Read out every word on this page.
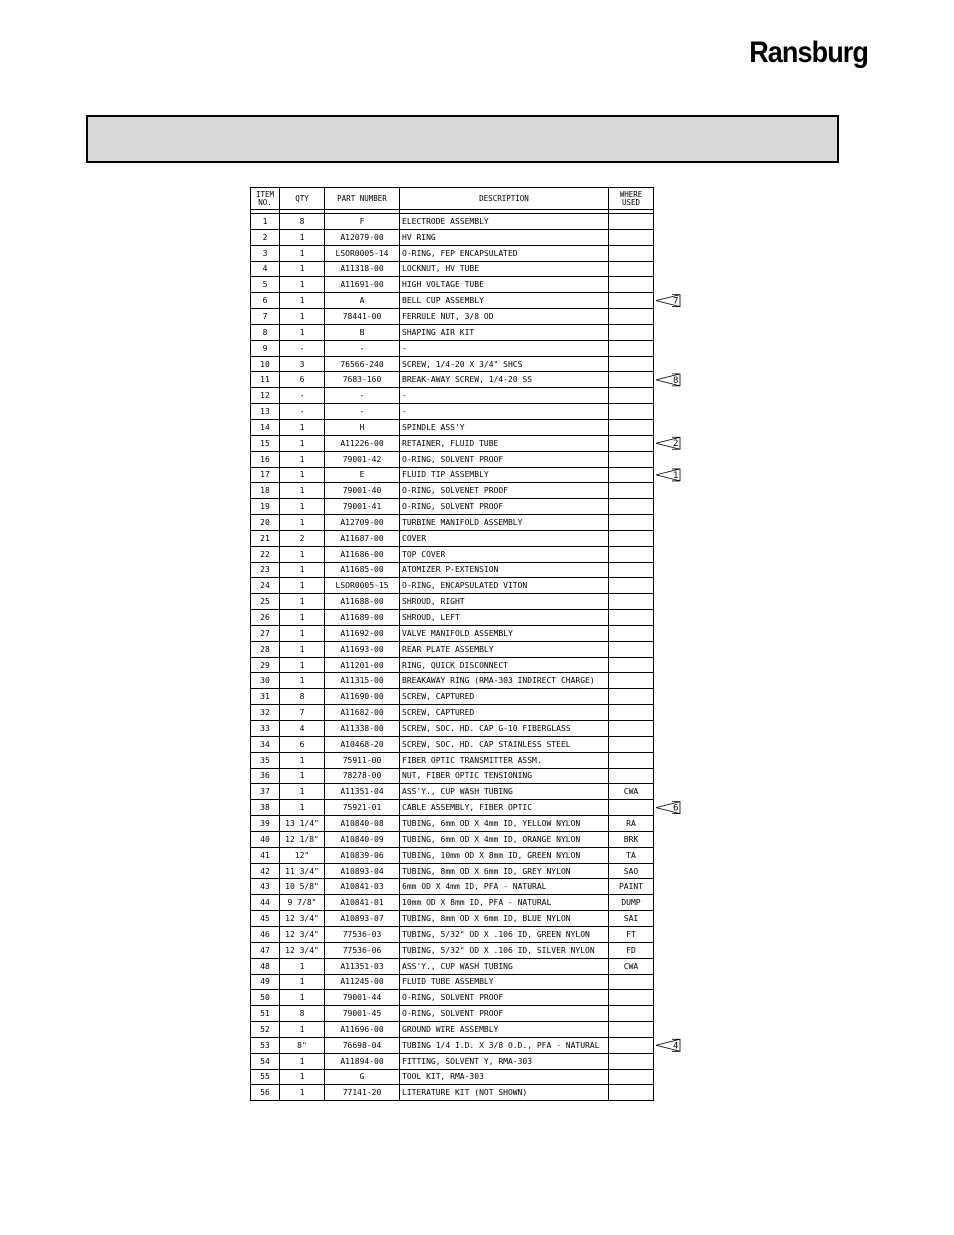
Ransburg
ITEM NO.	QTY	PART NUMBER	DESCRIPTION	WHERE USED

1	8	F	ELECTRODE ASSEMBLY	
2	1	A12079-00	HV RING	
3	1	LSOR0005-14	O-RING, FEP ENCAPSULATED	
4	1	A11318-00	LOCKNUT, HV TUBE	
5	1	A11691-00	HIGH VOLTAGE TUBE	
6	1	A	BELL CUP ASSEMBLY	
7	1	78441-00	FERRULE NUT, 3/8 OD	
8	1	B	SHAPING AIR KIT	
9	-	-	-	
10	3	76566-240	SCREW, 1/4-20 X 3/4" SHCS	
11	6	7683-160	BREAK-AWAY SCREW, 1/4-20 SS	
12	-	-	-	
13	-	-	-	
14	1	H	SPINDLE ASS'Y	
15	1	A11226-00	RETAINER, FLUID TUBE	
16	1	79001-42	O-RING, SOLVENT PROOF	
17	1	E	FLUID TIP ASSEMBLY	
18	1	79001-40	O-RING, SOLVENET PROOF	
19	1	79001-41	O-RING, SOLVENT PROOF	
20	1	A12709-00	TURBINE MANIFOLD ASSEMBLY	
21	2	A11687-00	COVER	
22	1	A11686-00	TOP COVER	
23	1	A11685-00	ATOMIZER P-EXTENSION	
24	1	LSOR0005-15	O-RING, ENCAPSULATED VITON	
25	1	A11688-00	SHROUD, RIGHT	
26	1	A11689-00	SHROUD, LEFT	
27	1	A11692-00	VALVE MANIFOLD ASSEMBLY	
28	1	A11693-00	REAR PLATE ASSEMBLY	
29	1	A11201-00	RING, QUICK DISCONNECT	
30	1	A11315-00	BREAKAWAY RING (RMA-303 INDIRECT CHARGE)	
31	8	A11690-00	SCREW, CAPTURED	
32	7	A11682-00	SCREW, CAPTURED	
33	4	A11338-00	SCREW, SOC. HD. CAP G-10 FIBERGLASS	
34	6	A10468-20	SCREW, SOC. HD. CAP STAINLESS STEEL	
35	1	75911-00	FIBER OPTIC TRANSMITTER ASSM.	
36	1	78278-00	NUT, FIBER OPTIC TENSIONING	
37	1	A11351-04	ASS'Y., CUP WASH TUBING	CWA
38	1	75921-01	CABLE ASSEMBLY, FIBER OPTIC	
39	13 1/4"	A10840-08	TUBING, 6mm OD X 4mm ID, YELLOW NYLON	RA
40	12 1/8"	A10840-09	TUBING, 6mm OD X 4mm ID, ORANGE NYLON	BRK
41	12"	A10839-06	TUBING, 10mm OD X 8mm ID, GREEN NYLON	TA
42	11 3/4"	A10893-04	TUBING, 8mm OD X 6mm ID, GREY NYLON	SAO
43	10 5/8"	A10841-03	6mm OD X 4mm ID, PFA - NATURAL	PAINT
44	9 7/8"	A10841-01	10mm OD X 8mm ID, PFA - NATURAL	DUMP
45	12 3/4"	A10893-07	TUBING, 8mm OD X 6mm ID, BLUE NYLON	SAI
46	12 3/4"	77536-03	TUBING, 5/32" OD X .106 ID, GREEN NYLON	FT
47	12 3/4"	77536-06	TUBING, 5/32" OD X .106 ID, SILVER NYLON	FD
48	1	A11351-03	ASS'Y., CUP WASH TUBING	CWA
49	1	A11245-00	FLUID TUBE ASSEMBLY	
50	1	79001-44	O-RING, SOLVENT PROOF	
51	8	79001-45	O-RING, SOLVENT PROOF	
52	1	A11696-00	GROUND WIRE ASSEMBLY	
53	8"	76698-04	TUBING 1/4 I.D. X 3/8 O.D., PFA - NATURAL	
54	1	A11894-00	FITTING, SOLVENT Y, RMA-303	
55	1	G	TOOL KIT, RMA-303	
56	1	77141-20	LITERATURE KIT (NOT SHOWN)	
7
8
2
1
6
4
